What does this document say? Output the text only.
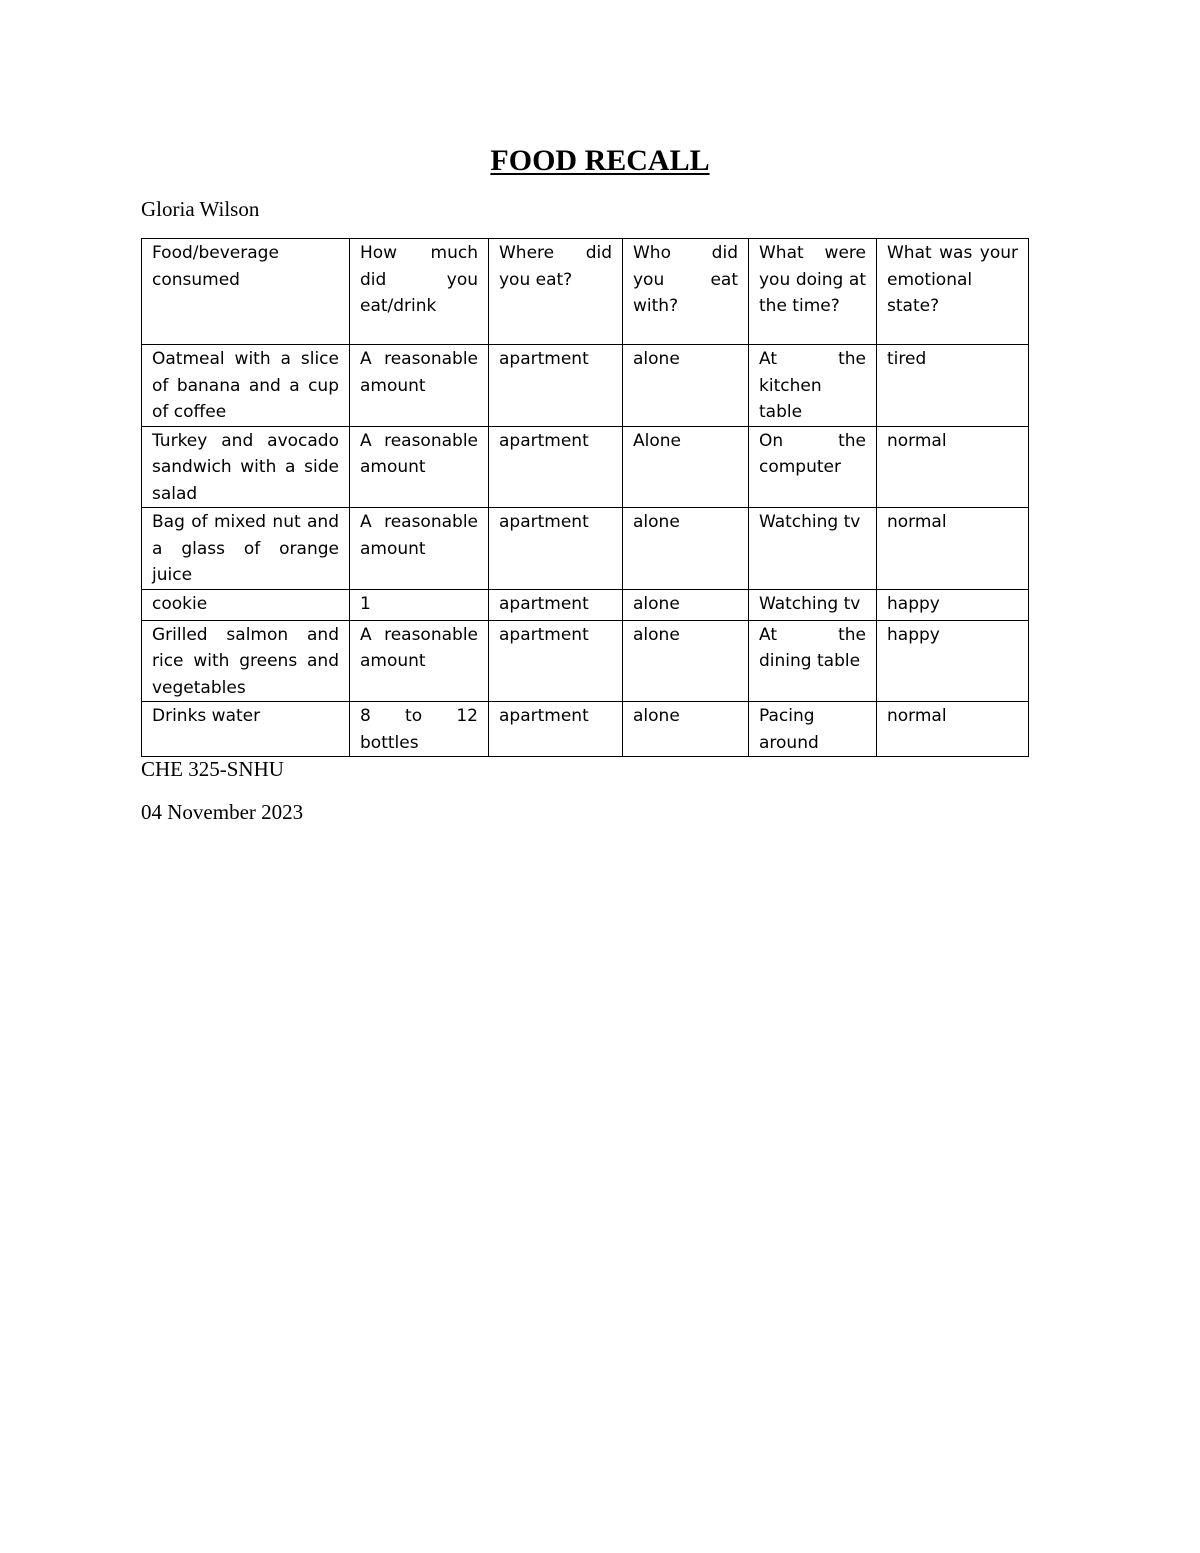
FOOD RECALL

Gloria Wilson

Food/beverage consumed	How much did you eat/drink	Where did you eat?	Who did you eat with?	What were you doing at the time?	What was your emotional state?
Oatmeal with a slice of banana and a cup of coffee	A reasonable amount	apartment	alone	At the kitchen table	tired
Turkey and avocado sandwich with a side salad	A reasonable amount	apartment	Alone	On the computer	normal
Bag of mixed nut and a glass of orange juice	A reasonable amount	apartment	alone	Watching tv	normal
cookie	1	apartment	alone	Watching tv	happy
Grilled salmon and rice with greens and vegetables	A reasonable amount	apartment	alone	At the dining table	happy
Drinks water	8 to 12 bottles	apartment	alone	Pacing around	normal

CHE 325-SNHU

04 November 2023
